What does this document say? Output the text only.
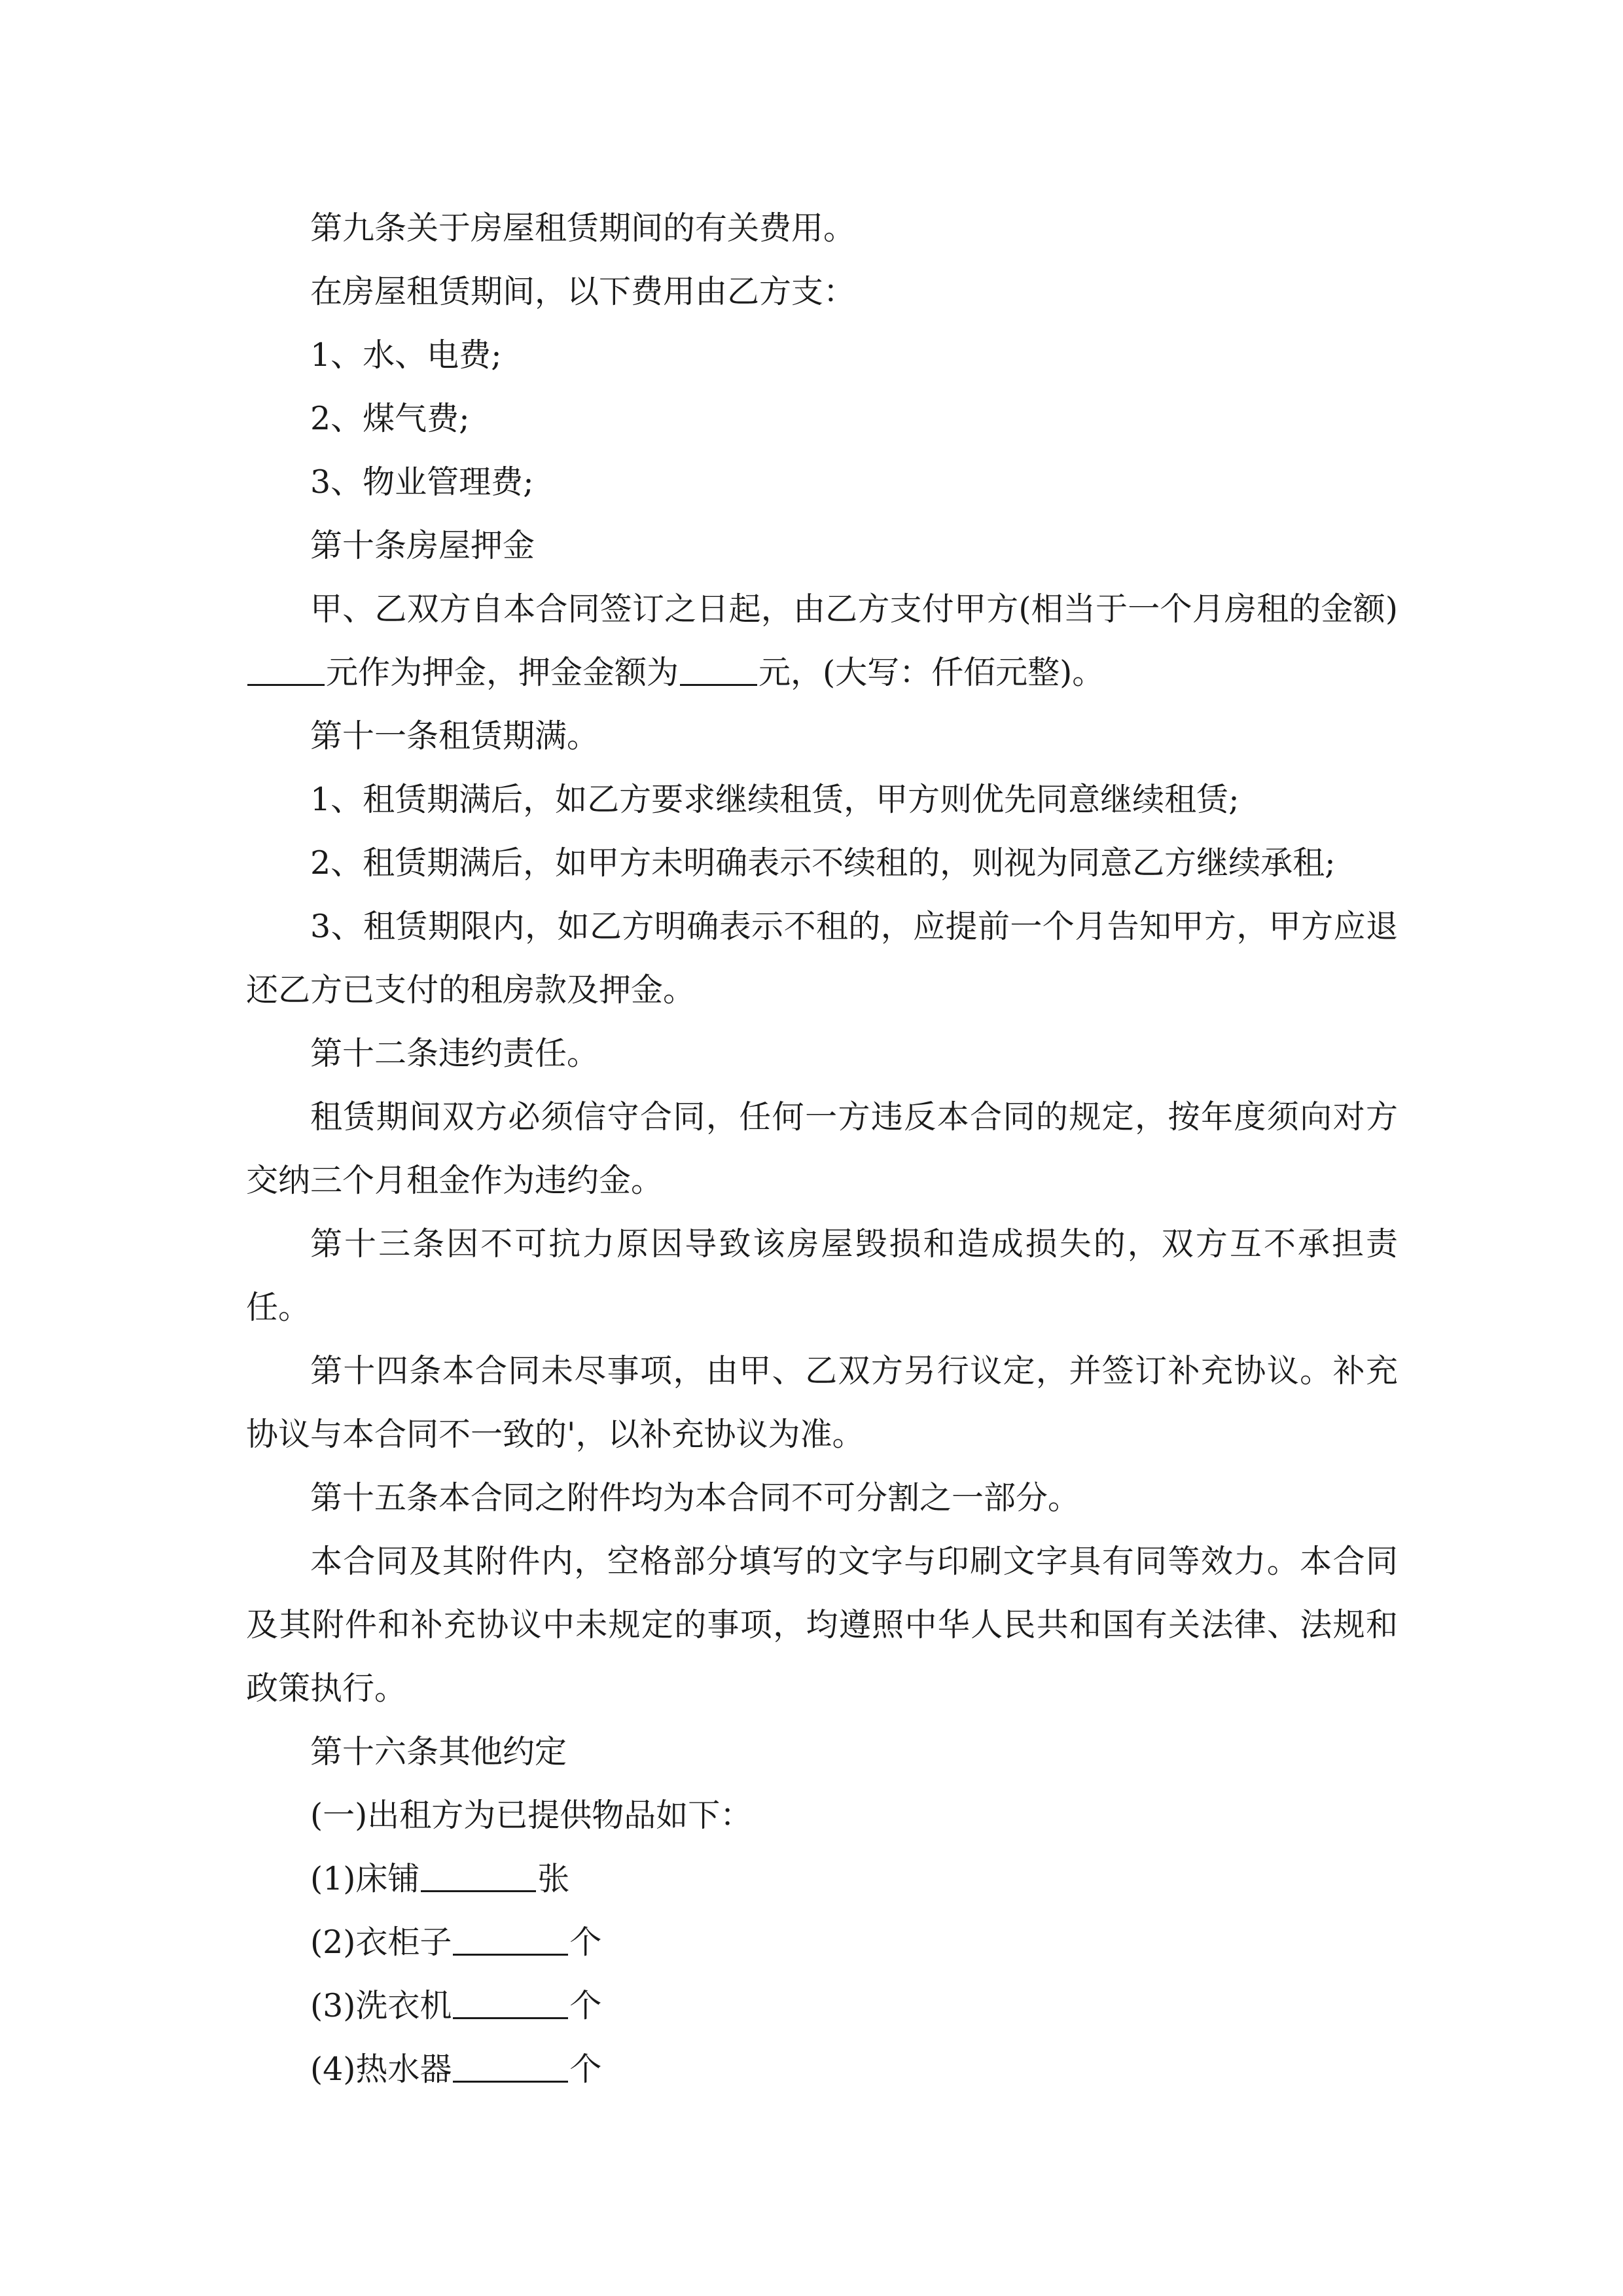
第九条关于房屋租赁期间的有关费用。

在房屋租赁期间，以下费用由乙方支：

1、水、电费;

2、煤气费;

3、物业管理费;

第十条房屋押金

甲、乙双方自本合同签订之日起，由乙方支付甲方(相当于一个月房租的金额)元作为押金，押金金额为 元，(大写：仟佰元整)。

第十一条租赁期满。

1、租赁期满后，如乙方要求继续租赁，甲方则优先同意继续租赁;

2、租赁期满后，如甲方未明确表示不续租的，则视为同意乙方继续承租;

3、租赁期限内，如乙方明确表示不租的，应提前一个月告知甲方，甲方应退还乙方已支付的租房款及押金。

第十二条违约责任。

租赁期间双方必须信守合同，任何一方违反本合同的规定，按年度须向对方交纳三个月租金作为违约金。

第十三条因不可抗力原因导致该房屋毁损和造成损失的，双方互不承担责任。

第十四条本合同未尽事项，由甲、乙双方另行议定，并签订补充协议。补充协议与本合同不一致的'，以补充协议为准。

第十五条本合同之附件均为本合同不可分割之一部分。

本合同及其附件内，空格部分填写的文字与印刷文字具有同等效力。本合同及其附件和补充协议中未规定的事项，均遵照中华人民共和国有关法律、法规和政策执行。

第十六条其他约定

(一)出租方为已提供物品如下：

(1)床铺	张

(2)衣柜子	个

(3)洗衣机	个

(4)热水器	个
